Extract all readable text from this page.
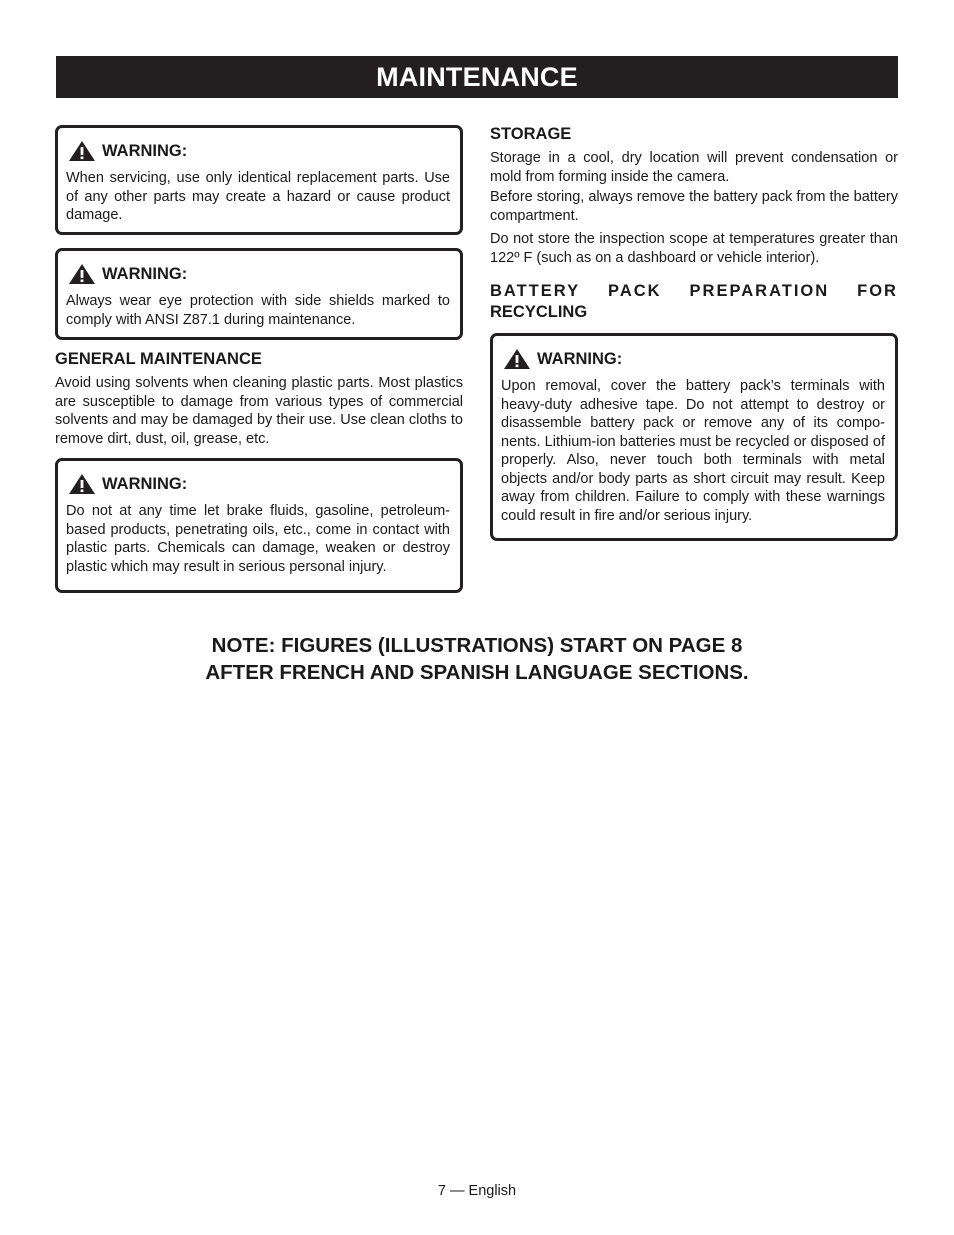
MAINTENANCE
WARNING:

When servicing, use only identical replacement parts. Use of any other parts may create a hazard or cause product damage.

WARNING:

Always wear eye protection with side shields marked to comply with ANSI Z87.1 during maintenance.

GENERAL MAINTENANCE

Avoid using solvents when cleaning plastic parts. Most plastics are susceptible to damage from various types of commercial solvents and may be damaged by their use. Use clean cloths to remove dirt, dust, oil, grease, etc.

WARNING:

Do not at any time let brake fluids, gasoline, petroleum-based products, penetrating oils, etc., come in contact with plastic parts. Chemicals can damage, weaken or destroy plastic which may result in serious personal injury.

STORAGE

Storage in a cool, dry location will prevent condensation or mold from forming inside the camera.

Before storing, always remove the battery pack from the battery compartment.

Do not store the inspection scope at temperatures greater than 122º F (such as on a dashboard or vehicle interior).

BATTERY PACK PREPARATION FOR
RECYCLING
WARNING:

Upon removal, cover the battery pack’s terminals with heavy-duty adhesive tape. Do not attempt to destroy or disassemble battery pack or remove any of its compo-nents. Lithium-ion batteries must be recycled or disposed of properly. Also, never touch both terminals with metal objects and/or body parts as short circuit may result. Keep away from children. Failure to comply with these warnings could result in fire and/or serious injury.

NOTE: FIGURES (ILLUSTRATIONS) START ON PAGE 8
AFTER FRENCH AND SPANISH LANGUAGE SECTIONS.
7 — English
